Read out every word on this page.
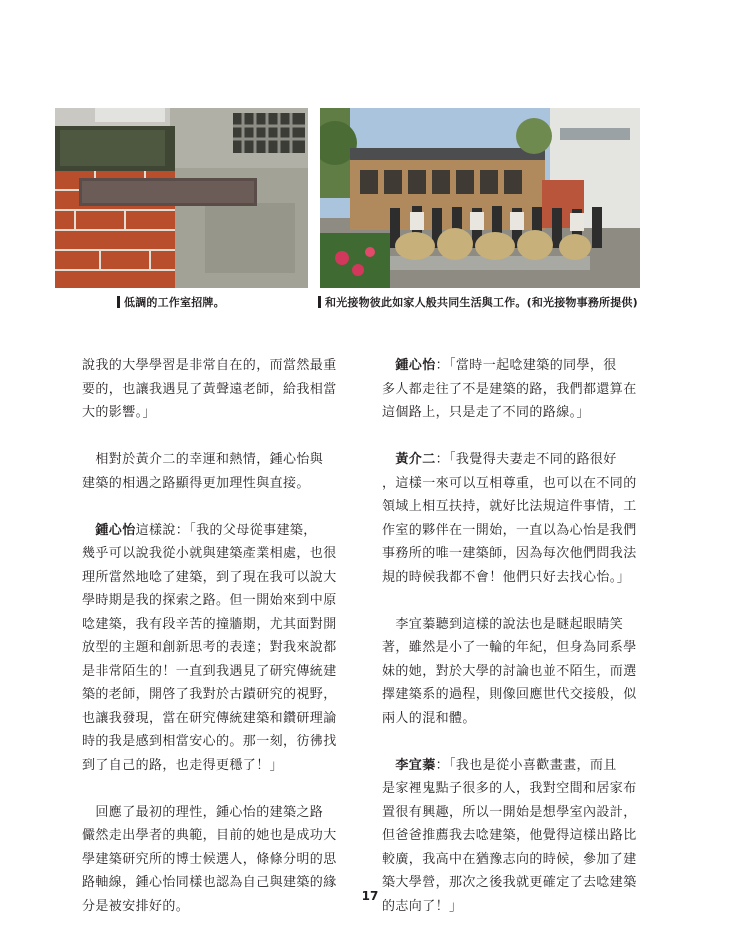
低調的工作室招牌。	和光接物彼此如家人般共同生活與工作。(和光接物事務所提供)

說我的大學學習是非常自在的，而當然最重
要的，也讓我遇見了黃聲遠老師，給我相當
大的影響。」

　相對於黃介二的幸運和熱情，鍾心怡與
建築的相遇之路顯得更加理性與直接。

　鍾心怡這樣說：「我的父母從事建築，
幾乎可以說我從小就與建築產業相處，也很
理所當然地唸了建築，到了現在我可以說大
學時期是我的探索之路。但一開始來到中原
唸建築，我有段辛苦的撞牆期，尤其面對開
放型的主題和創新思考的表達；對我來說都
是非常陌生的！一直到我遇見了研究傳統建
築的老師，開啓了我對於古蹟研究的視野，
也讓我發現，當在研究傳統建築和鑽研理論
時的我是感到相當安心的。那一刻，彷彿找
到了自己的路，也走得更穩了！」

　回應了最初的理性，鍾心怡的建築之路
儼然走出學者的典範，目前的她也是成功大
學建築研究所的博士候選人，條條分明的思
路軸線，鍾心怡同樣也認為自己與建築的緣
分是被安排好的。

　鍾心怡：「當時一起唸建築的同學，很
多人都走往了不是建築的路，我們都還算在
這個路上，只是走了不同的路線。」

　黃介二：「我覺得夫妻走不同的路很好
，這樣一來可以互相尊重，也可以在不同的
領域上相互扶持，就好比法規這件事情，工
作室的夥伴在一開始，一直以為心怡是我們
事務所的唯一建築師，因為每次他們問我法
規的時候我都不會！他們只好去找心怡。」

　李宜蓁聽到這樣的說法也是瞇起眼睛笑
著，雖然是小了一輪的年紀，但身為同系學
妹的她，對於大學的討論也並不陌生，而選
擇建築系的過程，則像回應世代交接般，似
兩人的混和體。

　李宜蓁：「我也是從小喜歡畫畫，而且
是家裡鬼點子很多的人，我對空間和居家布
置很有興趣，所以一開始是想學室內設計，
但爸爸推薦我去唸建築，他覺得這樣出路比
較廣，我高中在猶豫志向的時候，參加了建
築大學營，那次之後我就更確定了去唸建築
的志向了！」

17
